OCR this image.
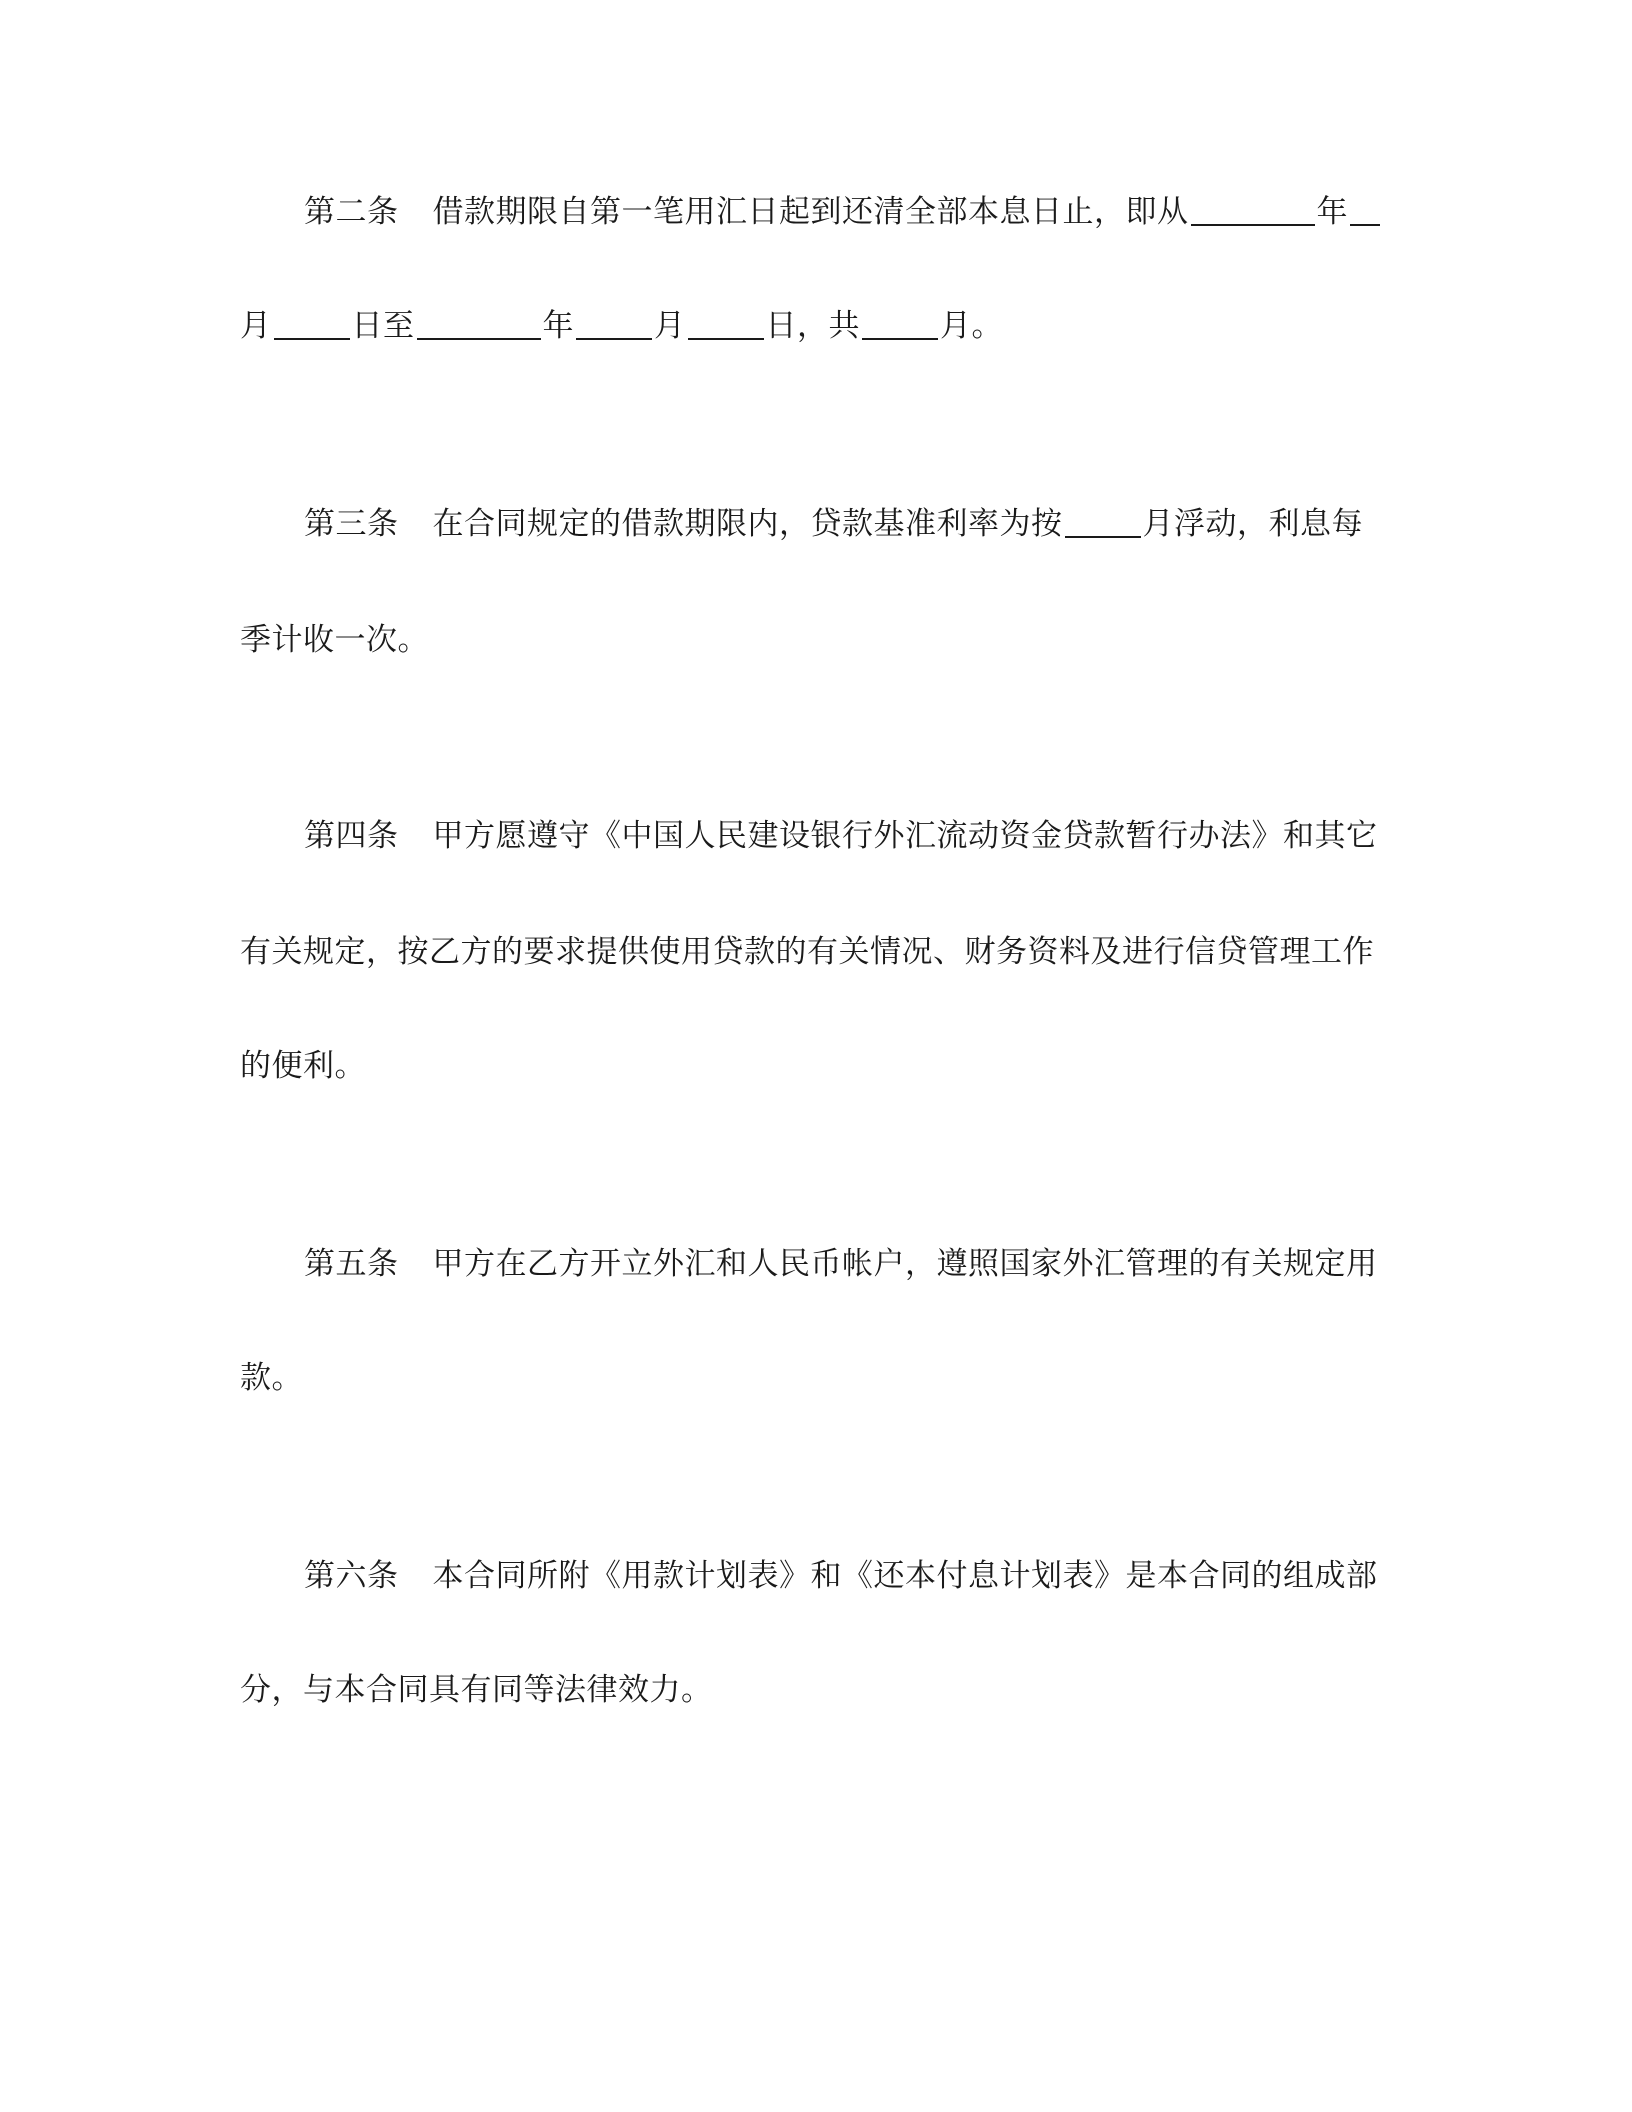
第二条 借款期限自第一笔用汇日起到还清全部本息日止，即从	年
月	日至	年	月	日，共	月。
第三条 在合同规定的借款期限内，贷款基准利率为按	月浮动，利息每
季计收一次。
第四条 甲方愿遵守《中国人民建设银行外汇流动资金贷款暂行办法》和其它
有关规定，按乙方的要求提供使用贷款的有关情况、财务资料及进行信贷管理工作
的便利。
第五条 甲方在乙方开立外汇和人民币帐户，遵照国家外汇管理的有关规定用
款。
第六条 本合同所附《用款计划表》和《还本付息计划表》是本合同的组成部
分，与本合同具有同等法律效力。
